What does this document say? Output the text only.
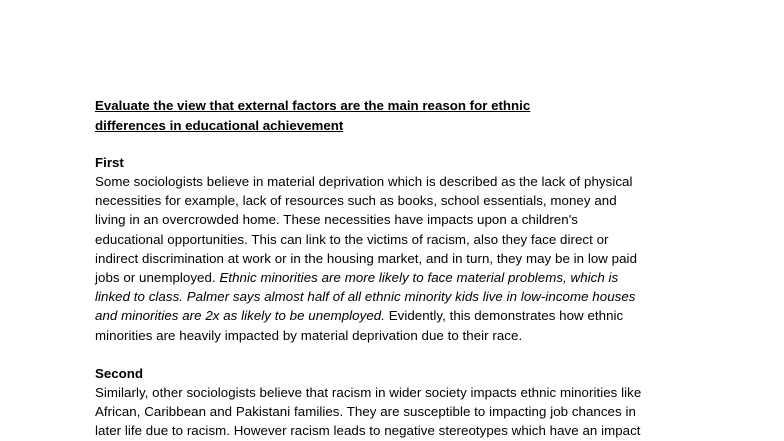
Evaluate the view that external factors are the main reason for ethnic
differences in educational achievement
First
Some sociologists believe in material deprivation which is described as the lack of physical
necessities for example, lack of resources such as books, school essentials, money and
living in an overcrowded home. These necessities have impacts upon a children's
educational opportunities. This can link to the victims of racism, also they face direct or
indirect discrimination at work or in the housing market, and in turn, they may be in low paid
jobs or unemployed. Ethnic minorities are more likely to face material problems, which is
linked to class. Palmer says almost half of all ethnic minority kids live in low-income houses
and minorities are 2x as likely to be unemployed. Evidently, this demonstrates how ethnic
minorities are heavily impacted by material deprivation due to their race.
Second
Similarly, other sociologists believe that racism in wider society impacts ethnic minorities like
African, Caribbean and Pakistani families. They are susceptible to impacting job chances in
later life due to racism. However racism leads to negative stereotypes which have an impact
